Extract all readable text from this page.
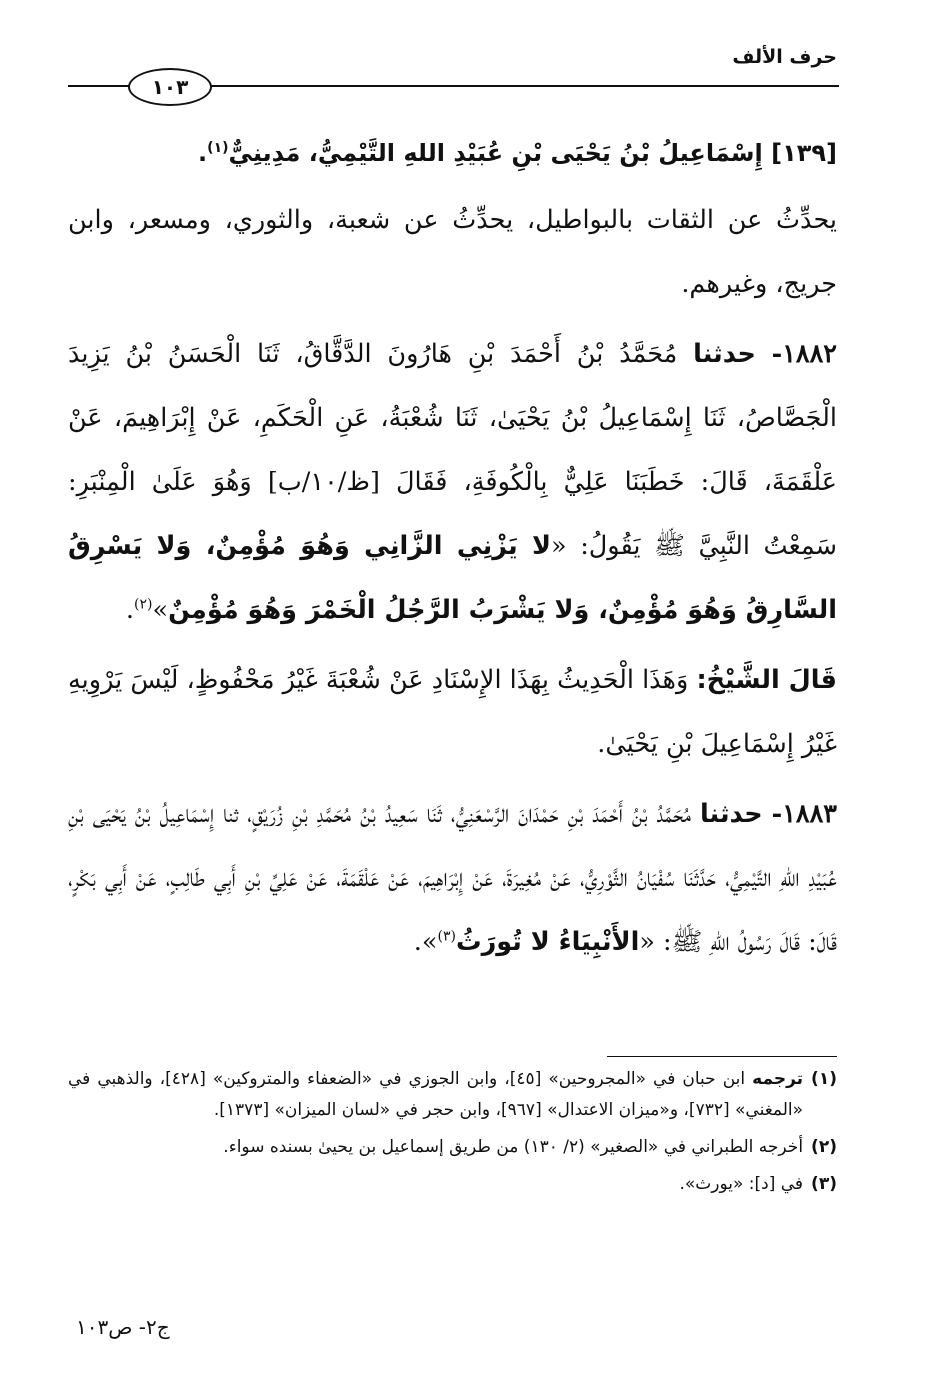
حرف الألف
١٠٣

[١٣٩] إِسْمَاعِيلُ بْنُ يَحْيَى بْنِ عُبَيْدِ اللهِ التَّيْمِيُّ، مَدِينِيٌّ$^{(١)}$.

يحدِّثُ عن الثقات بالبواطيل، يحدِّثُ عن شعبة، والثوري، ومسعر، وابن جريج، وغيرهم.

١٨٨٢- حدثنا مُحَمَّدُ بْنُ أَحْمَدَ بْنِ هَارُونَ الدَّقَّاقُ، ثَنَا الْحَسَنُ بْنُ يَزِيدَ الْجَصَّاصُ، ثَنَا إِسْمَاعِيلُ بْنُ يَحْيَىٰ، ثَنَا شُعْبَةُ، عَنِ الْحَكَمِ، عَنْ إِبْرَاهِيمَ، عَنْ عَلْقَمَةَ، قَالَ: خَطَبَنَا عَلِيٌّ بِالْكُوفَةِ، فَقَالَ [ظ/١٠/ب] وَهُوَ عَلَىٰ الْمِنْبَرِ: سَمِعْتُ النَّبِيَّ ﷺ يَقُولُ: «لا يَزْنِي الزَّانِي وَهُوَ مُؤْمِنٌ، وَلا يَسْرِقُ السَّارِقُ وَهُوَ مُؤْمِنٌ، وَلا يَشْرَبُ الرَّجُلُ الْخَمْرَ وَهُوَ مُؤْمِنٌ»$^{(٢)}$.

قَالَ الشَّيْخُ: وَهَذَا الْحَدِيثُ بِهَذَا الإِسْنَادِ عَنْ شُعْبَةَ غَيْرُ مَحْفُوظٍ، لَيْسَ يَرْوِيهِ غَيْرُ إِسْمَاعِيلَ بْنِ يَحْيَىٰ.

١٨٨٣- حدثنا مُحَمَّدُ بْنُ أَحْمَدَ بْنِ حَمْدَانَ الرَّسْعَنِيُّ، ثَنَا سَعِيدُ بْنُ مُحَمَّدِ بْنِ زُرَيْقٍ، ثنا إِسْمَاعِيلُ بْنُ يَحْيَى بْنِ عُبَيْدِ اللهِ التَّيْمِيُّ، حَدَّثَنَا سُفْيَانُ الثَّوْرِيُّ، عَنْ مُغِيرَةَ، عَنْ إِبْرَاهِيمَ، عَنْ عَلْقَمَةَ، عَنْ عَلِيِّ بْنِ أَبِي طَالِبٍ، عَنْ أَبِي بَكْرٍ، قَالَ: قَالَ رَسُولُ اللهِ ﷺ: «الأَنْبِيَاءُ لا تُورَثُ$^{(٣)}$».

(١)
ترجمه ابن حبان في «المجروحين» [٤٥]، وابن الجوزي في «الضعفاء والمتروكين» [٤٢٨]، والذهبي في «المغني» [٧٣٢]، و«ميزان الاعتدال» [٩٦٧]، وابن حجر في «لسان الميزان» [١٣٧٣].
(٢)
أخرجه الطبراني في «الصغير» (٢/ ١٣٠) من طريق إسماعيل بن يحيىٰ بسنده سواء.
(٣)
في [د]: «يورث».
ج٢- ص١٠٣
